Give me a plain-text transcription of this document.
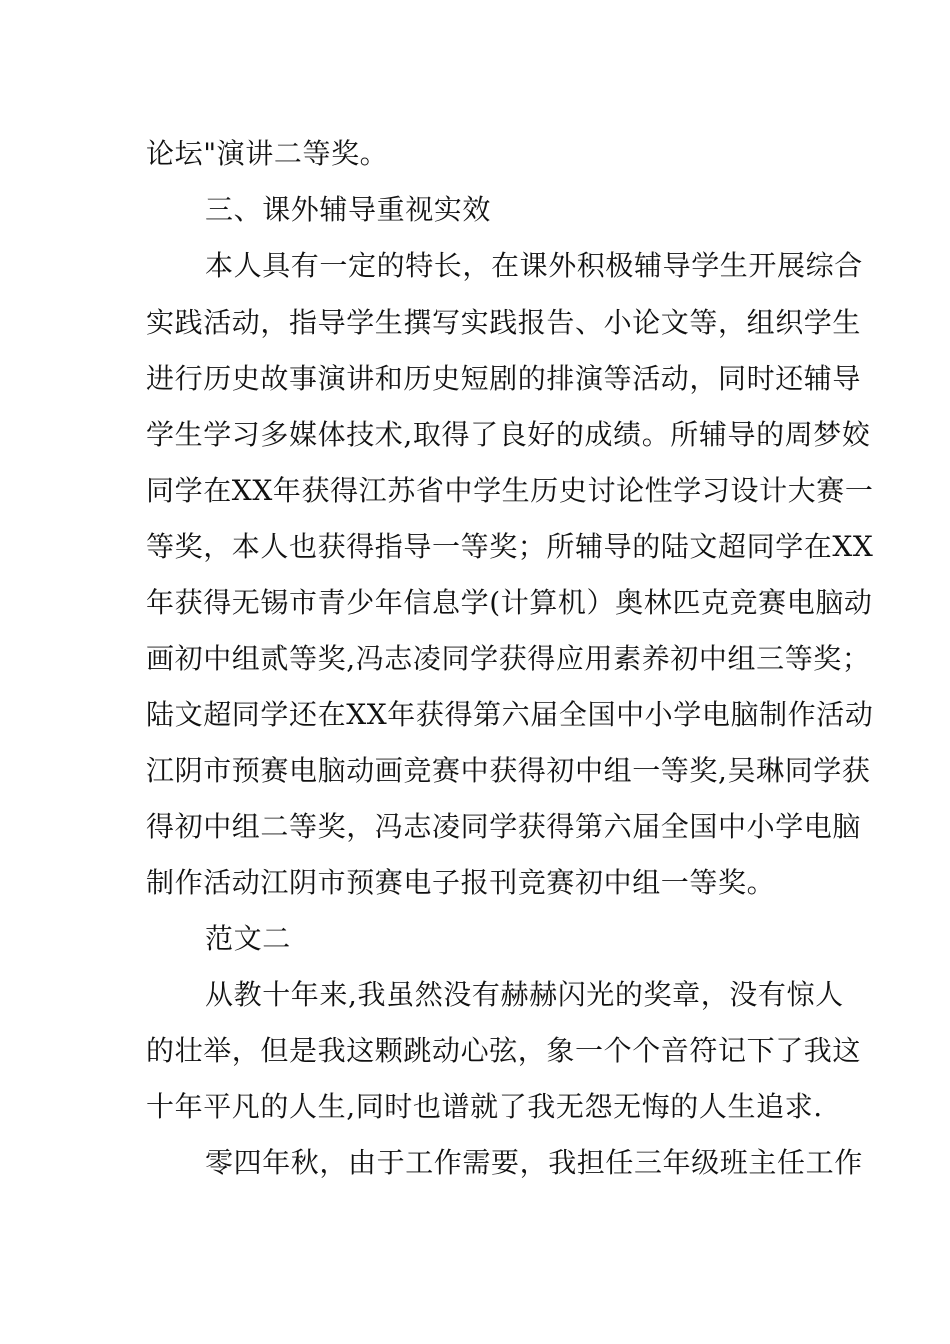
论坛"演讲二等奖。
三、课外辅导重视实效
本人具有一定的特长，在课外积极辅导学生开展综合
实践活动，指导学生撰写实践报告、小论文等，组织学生
进行历史故事演讲和历史短剧的排演等活动，同时还辅导
学生学习多媒体技术,取得了良好的成绩。所辅导的周梦姣
同学在XX年获得江苏省中学生历史讨论性学习设计大赛一
等奖，本人也获得指导一等奖；所辅导的陆文超同学在XX
年获得无锡市青少年信息学(计算机）奥林匹克竞赛电脑动
画初中组贰等奖,冯志凌同学获得应用素养初中组三等奖；
陆文超同学还在XX年获得第六届全国中小学电脑制作活动
江阴市预赛电脑动画竞赛中获得初中组一等奖,吴琳同学获
得初中组二等奖，冯志凌同学获得第六届全国中小学电脑
制作活动江阴市预赛电子报刊竞赛初中组一等奖。
范文二
从教十年来,我虽然没有赫赫闪光的奖章，没有惊人
的壮举，但是我这颗跳动心弦，象一个个音符记下了我这
十年平凡的人生,同时也谱就了我无怨无悔的人生追求.
零四年秋，由于工作需要，我担任三年级班主任工作
